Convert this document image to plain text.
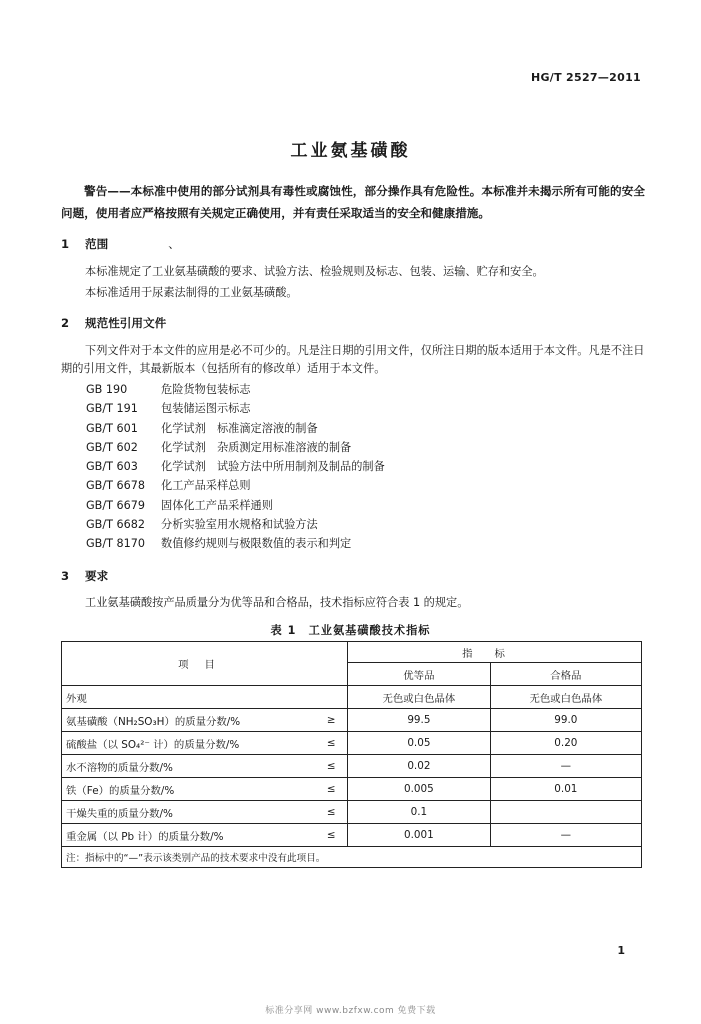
HG/T 2527—2011
工业氨基磺酸
警告——本标准中使用的部分试剂具有毒性或腐蚀性，部分操作具有危险性。本标准并未揭示所有可能的安全问题，使用者应严格按照有关规定正确使用，并有责任采取适当的安全和健康措施。
1 范围	、

本标准规定了工业氨基磺酸的要求、试验方法、检验规则及标志、包装、运输、贮存和安全。

本标准适用于尿素法制得的工业氨基磺酸。

2 规范性引用文件

下列文件对于本文件的应用是必不可少的。凡是注日期的引用文件，仅所注日期的版本适用于本文件。凡是不注日期的引用文件，其最新版本（包括所有的修改单）适用于本文件。

GB 190	危险货物包装标志
GB/T 191 包装储运图示标志
GB/T 601 化学试剂　标准滴定溶液的制备
GB/T 602 化学试剂　杂质测定用标准溶液的制备
GB/T 603 化学试剂　试验方法中所用制剂及制品的制备
GB/T 6678 化工产品采样总则
GB/T 6679 固体化工产品采样通则
GB/T 6682 分析实验室用水规格和试验方法
GB/T 8170 数值修约规则与极限数值的表示和判定
3 要求

工业氨基磺酸按产品质量分为优等品和合格品，技术指标应符合表 1 的规定。

表 1　工业氨基磺酸技术指标
项目		指标	
		优等品	合格品
外观		无色或白色晶体	无色或白色晶体
氨基磺酸（NH₂SO₃H）的质量分数/%	≥	99.5	99.0
硫酸盐（以 SO₄²⁻ 计）的质量分数/%	≤	0.05	0.20
水不溶物的质量分数/%	≤	0.02	—
铁（Fe）的质量分数/%	≤	0.005	0.01
干燥失重的质量分数/%	≤	0.1	
重金属（以 Pb 计）的质量分数/%	≤	0.001	—
注：指标中的“—”表示该类别产品的技术要求中没有此项目。			
1
标准分享网 www.bzfxw.com 免费下载
